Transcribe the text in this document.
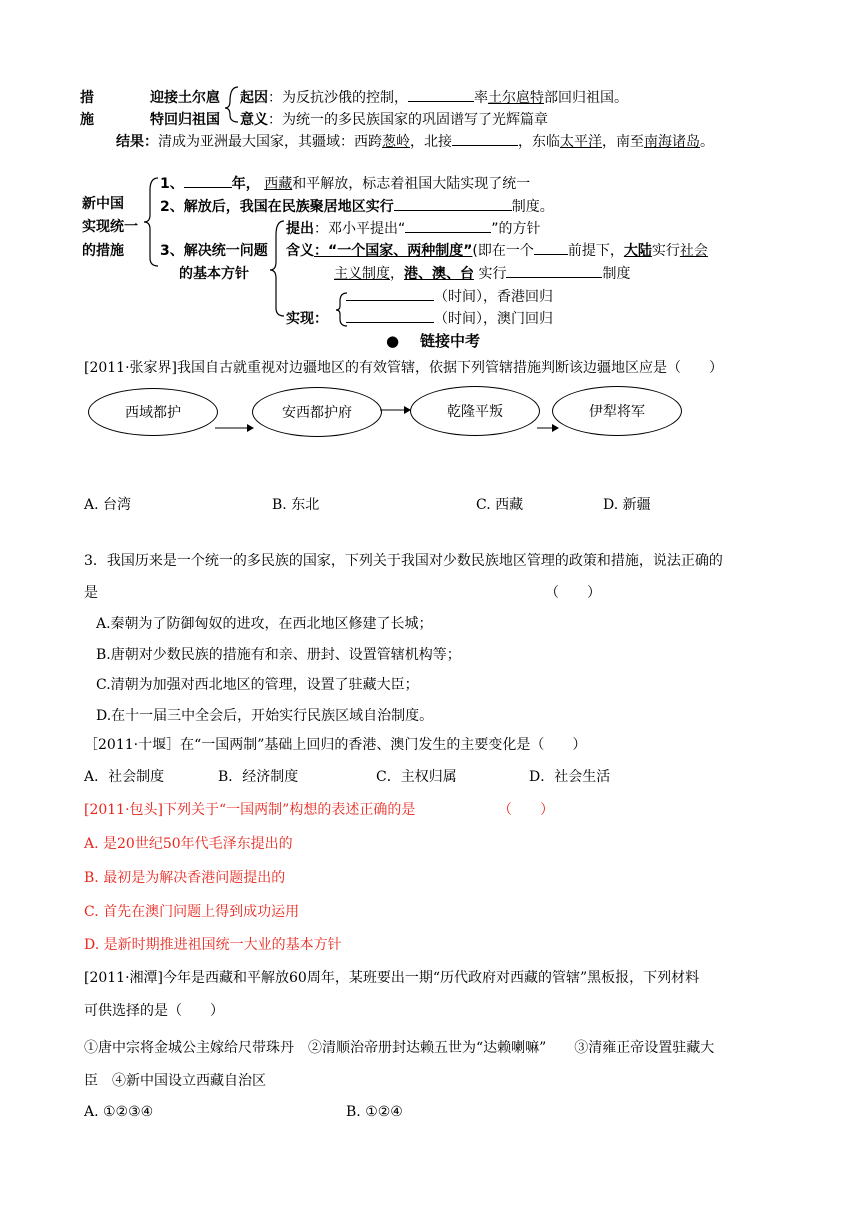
措
施
迎接土尔扈
特回归祖国
起因：为反抗沙俄的控制，	率土尔扈特部回归祖国。
意义：为统一的多民族国家的巩固谱写了光辉篇章
结果：清成为亚洲最大国家，其疆域：西跨葱岭，北接	，东临太平洋，南至南海诸岛。
新中国
实现统一
的措施
1、	年， 西藏和平解放，标志着祖国大陆实现了统一
2、解放后，我国在民族聚居地区实行	制度。
3、解决统一问题
的基本方针
提出：邓小平提出“	”的方针
含义：“一个国家、两种制度”(即在一个 前提下，大陆实行社会
主义制度，港、澳、台 实行	制度
实现：
（时间），香港回归
（时间），澳门回归
● 链接中考
[2011·张家界]我国自古就重视对边疆地区的有效管辖，依据下列管辖措施判断该边疆地区应是（　　）
西域都护	安西都护府	乾隆平叛	伊犁将军
A. 台湾	B. 东北	C. 西藏	D. 新疆
3．我国历来是一个统一的多民族的国家，下列关于我国对少数民族地区管理的政策和措施，说法正确的
是	（　　）
A.秦朝为了防御匈奴的进攻，在西北地区修建了长城；
B.唐朝对少数民族的措施有和亲、册封、设置管辖机构等；
C.清朝为加强对西北地区的管理，设置了驻藏大臣；
D.在十一届三中全会后，开始实行民族区域自治制度。
［2011·十堰］在“一国两制”基础上回归的香港、澳门发生的主要变化是（　　）
A．社会制度	B．经济制度	C．主权归属	D．社会生活
[2011·包头]下列关于“一国两制”构想的表述正确的是	（　　）
A. 是20世纪50年代毛泽东提出的
B. 最初是为解决香港问题提出的
C. 首先在澳门问题上得到成功运用
D. 是新时期推进祖国统一大业的基本方针
[2011·湘潭]今年是西藏和平解放60周年，某班要出一期“历代政府对西藏的管辖”黑板报，下列材料
可供选择的是（　　）
①唐中宗将金城公主嫁给尺带珠丹　②清顺治帝册封达赖五世为“达赖喇嘛”　　③清雍正帝设置驻藏大
臣　④新中国设立西藏自治区
A. ①②③④	B. ①②④
